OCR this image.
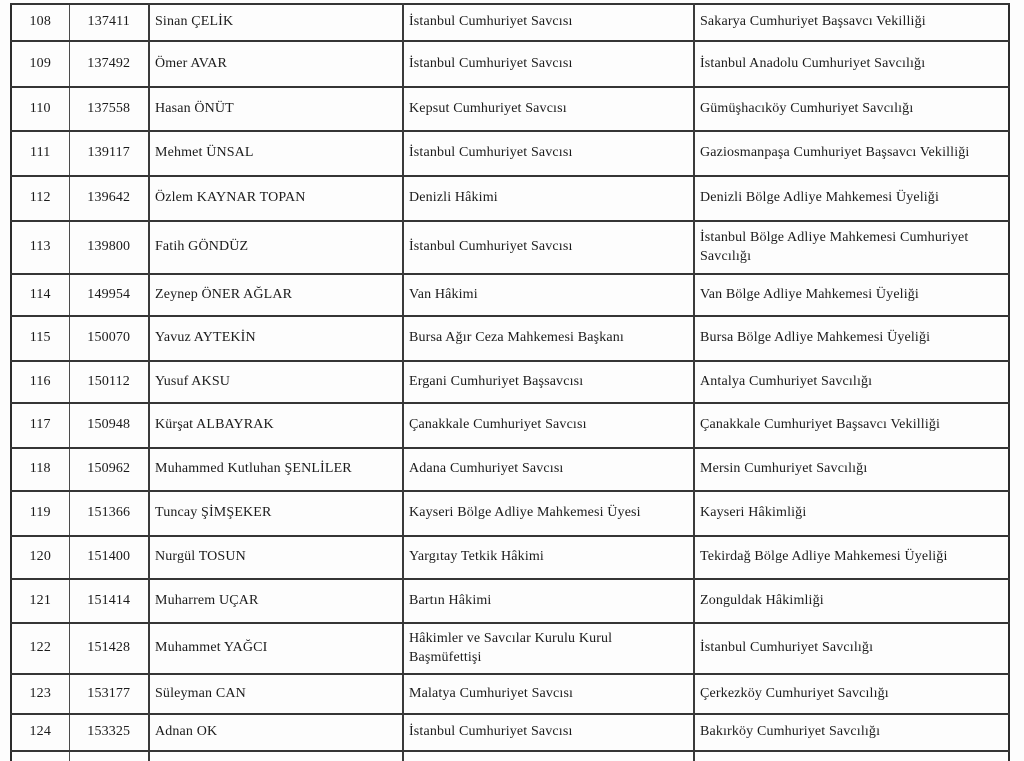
108	137411	Sinan ÇELİK	İstanbul Cumhuriyet Savcısı	Sakarya Cumhuriyet Başsavcı Vekilliği
109	137492	Ömer AVAR	İstanbul Cumhuriyet Savcısı	İstanbul Anadolu Cumhuriyet Savcılığı
110	137558	Hasan ÖNÜT	Kepsut Cumhuriyet Savcısı	Gümüşhacıköy Cumhuriyet Savcılığı
111	139117	Mehmet ÜNSAL	İstanbul Cumhuriyet Savcısı	Gaziosmanpaşa Cumhuriyet Başsavcı Vekilliği
112	139642	Özlem KAYNAR TOPAN	Denizli Hâkimi	Denizli Bölge Adliye Mahkemesi Üyeliği
113	139800	Fatih GÖNDÜZ	İstanbul Cumhuriyet Savcısı	İstanbul Bölge Adliye Mahkemesi Cumhuriyet Savcılığı
114	149954	Zeynep ÖNER AĞLAR	Van Hâkimi	Van Bölge Adliye Mahkemesi Üyeliği
115	150070	Yavuz AYTEKİN	Bursa Ağır Ceza Mahkemesi Başkanı	Bursa Bölge Adliye Mahkemesi Üyeliği
116	150112	Yusuf AKSU	Ergani Cumhuriyet Başsavcısı	Antalya Cumhuriyet Savcılığı
117	150948	Kürşat ALBAYRAK	Çanakkale Cumhuriyet Savcısı	Çanakkale Cumhuriyet Başsavcı Vekilliği
118	150962	Muhammed Kutluhan ŞENLİLER	Adana Cumhuriyet Savcısı	Mersin Cumhuriyet Savcılığı
119	151366	Tuncay ŞİMŞEKER	Kayseri Bölge Adliye Mahkemesi Üyesi	Kayseri Hâkimliği
120	151400	Nurgül TOSUN	Yargıtay Tetkik Hâkimi	Tekirdağ Bölge Adliye Mahkemesi Üyeliği
121	151414	Muharrem UÇAR	Bartın Hâkimi	Zonguldak Hâkimliği
122	151428	Muhammet YAĞCI	Hâkimler ve Savcılar Kurulu Kurul Başmüfettişi	İstanbul Cumhuriyet Savcılığı
123	153177	Süleyman CAN	Malatya Cumhuriyet Savcısı	Çerkezköy Cumhuriyet Savcılığı
124	153325	Adnan OK	İstanbul Cumhuriyet Savcısı	Bakırköy Cumhuriyet Savcılığı
